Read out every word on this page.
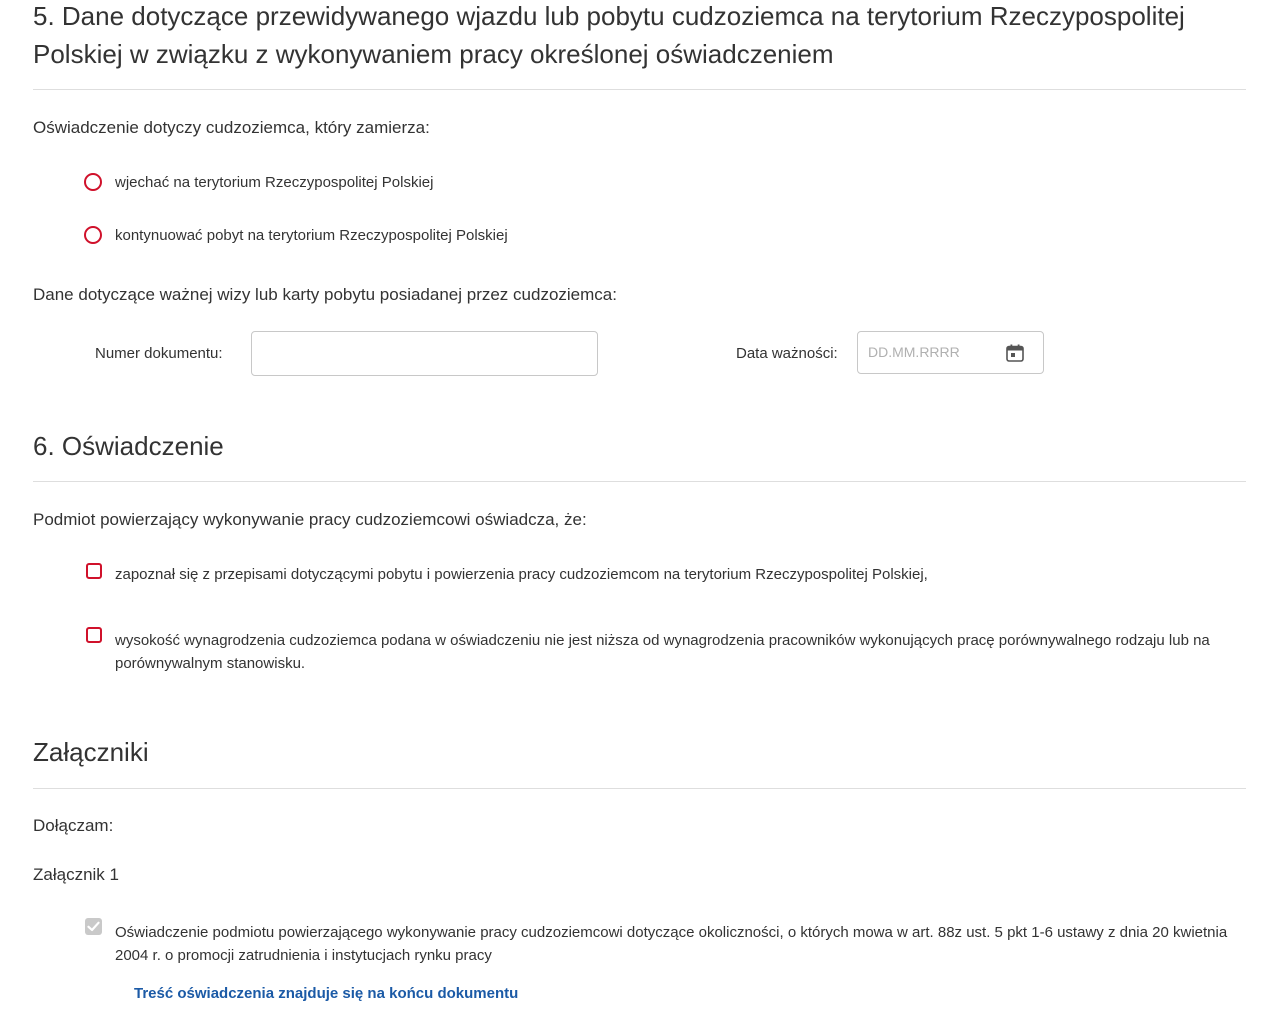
5. Dane dotyczące przewidywanego wjazdu lub pobytu cudzoziemca na terytorium Rzeczypospolitej Polskiej w związku z wykonywaniem pracy określonej oświadczeniem
Oświadczenie dotyczy cudzoziemca, który zamierza:
wjechać na terytorium Rzeczypospolitej Polskiej
kontynuować pobyt na terytorium Rzeczypospolitej Polskiej
Dane dotyczące ważnej wizy lub karty pobytu posiadanej przez cudzoziemca:
Numer dokumentu:	Data ważności:
DD.MM.RRRR
6. Oświadczenie
Podmiot powierzający wykonywanie pracy cudzoziemcowi oświadcza, że:
zapoznał się z przepisami dotyczącymi pobytu i powierzenia pracy cudzoziemcom na terytorium Rzeczypospolitej Polskiej,
wysokość wynagrodzenia cudzoziemca podana w oświadczeniu nie jest niższa od wynagrodzenia pracowników wykonujących pracę porównywalnego rodzaju lub na porównywalnym stanowisku.
Załączniki
Dołączam:
Załącznik 1
Oświadczenie podmiotu powierzającego wykonywanie pracy cudzoziemcowi dotyczące okoliczności, o których mowa w art. 88z ust. 5 pkt 1-6 ustawy z dnia 20 kwietnia 2004 r. o promocji zatrudnienia i instytucjach rynku pracy
Treść oświadczenia znajduje się na końcu dokumentu
